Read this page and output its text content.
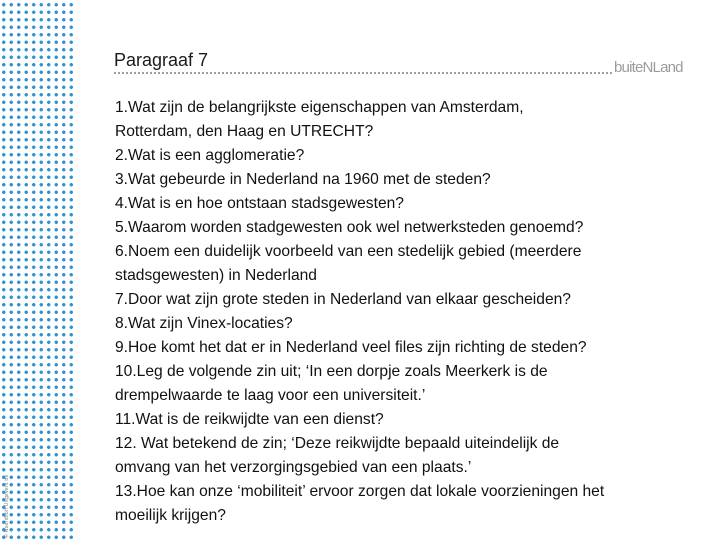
© Noordhoff Uitgevers bv
Paragraaf 7	buiteNLand
1.Wat zijn de belangrijkste eigenschappen van Amsterdam,
Rotterdam, den Haag en UTRECHT?
2.Wat is een agglomeratie?
3.Wat gebeurde in Nederland na 1960 met de steden?
4.Wat is en hoe ontstaan stadsgewesten?
5.Waarom worden stadgewesten ook wel netwerksteden genoemd?
6.Noem een duidelijk voorbeeld van een stedelijk gebied (meerdere
stadsgewesten) in Nederland
7.Door wat zijn grote steden in Nederland van elkaar gescheiden?
8.Wat zijn Vinex-locaties?
9.Hoe komt het dat er in Nederland veel files zijn richting de steden?
10.Leg de volgende zin uit; ‘In een dorpje zoals Meerkerk is de
drempelwaarde te laag voor een universiteit.’
11.Wat is de reikwijdte van een dienst?
12. Wat betekend de zin; ‘Deze reikwijdte bepaald uiteindelijk de
omvang van het verzorgingsgebied van een plaats.’
13.Hoe kan onze ‘mobiliteit’ ervoor zorgen dat lokale voorzieningen het
moeilijk krijgen?
